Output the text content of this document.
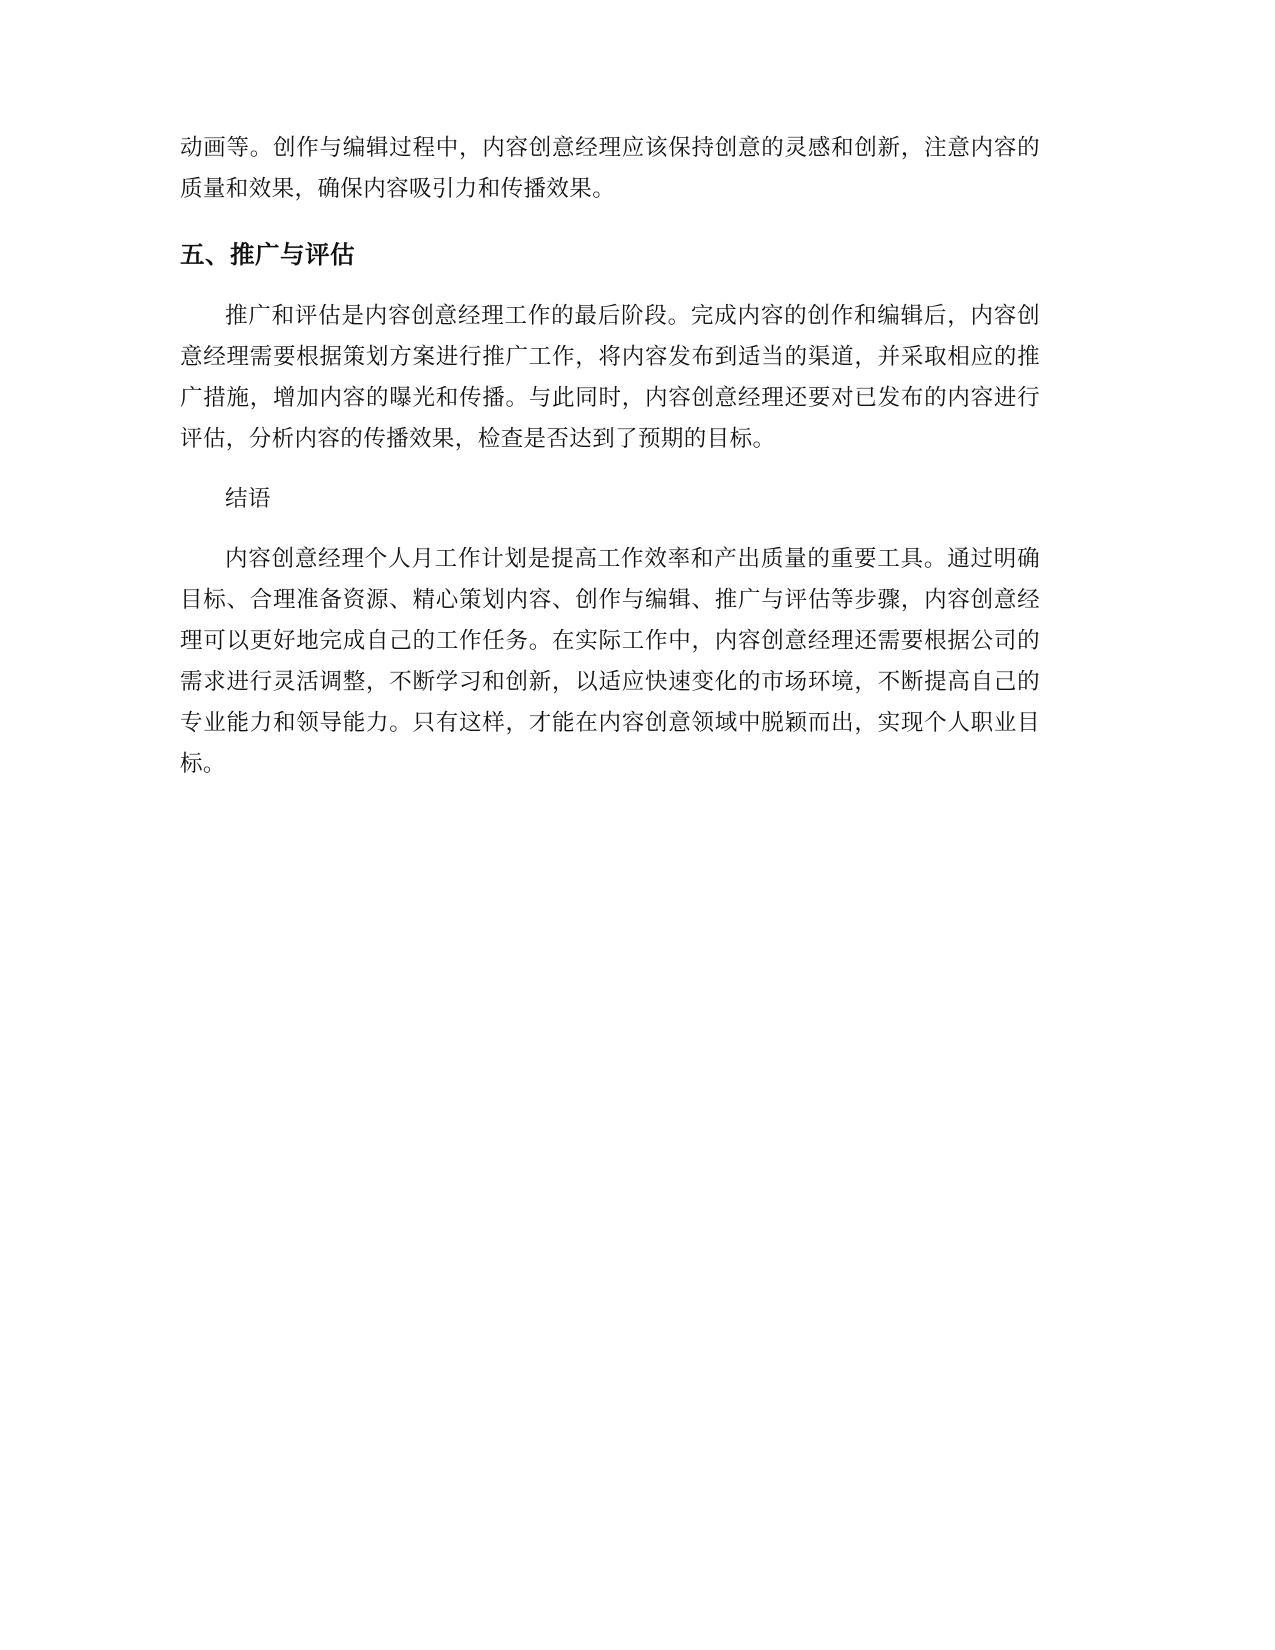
动画等。创作与编辑过程中，内容创意经理应该保持创意的灵感和创新，注意内容的质量和效果，确保内容吸引力和传播效果。

五、推广与评估

推广和评估是内容创意经理工作的最后阶段。完成内容的创作和编辑后，内容创意经理需要根据策划方案进行推广工作，将内容发布到适当的渠道，并采取相应的推广措施，增加内容的曝光和传播。与此同时，内容创意经理还要对已发布的内容进行评估，分析内容的传播效果，检查是否达到了预期的目标。

结语

内容创意经理个人月工作计划是提高工作效率和产出质量的重要工具。通过明确目标、合理准备资源、精心策划内容、创作与编辑、推广与评估等步骤，内容创意经理可以更好地完成自己的工作任务。在实际工作中，内容创意经理还需要根据公司的需求进行灵活调整，不断学习和创新，以适应快速变化的市场环境，不断提高自己的专业能力和领导能力。只有这样，才能在内容创意领域中脱颖而出，实现个人职业目标。
